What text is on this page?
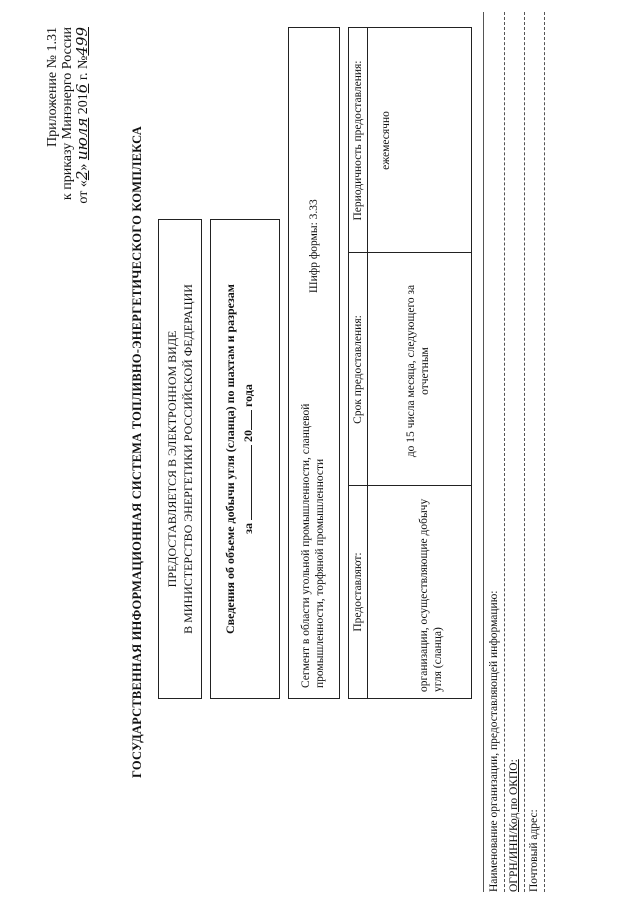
Приложение № 1.31 к приказу Минэнерго России от «2» июля 2016 г. №499
ГОСУДАРСТВЕННАЯ ИНФОРМАЦИОННАЯ СИСТЕМА ТОПЛИВНО-ЭНЕРГЕТИЧЕСКОГО КОМПЛЕКСА ПРЕДОСТАВЛЯЕТСЯ В ЭЛЕКТРОННОМ ВИДЕ В МИНИСТЕРСТВО ЭНЕРГЕТИКИ РОССИЙСКОЙ ФЕДЕРАЦИИ Сведения об объеме добычи угля (сланца) по шахтам и разрезам за  20 года
Сегмент в области угольной промышленности, сланцевой промышленности, торфяной промышленности
Шифр формы: 3.33
Предоставляют:
Срок предоставления:
Периодичность предоставления:
организации, осуществляющие добычу угля (сланца)
до 15 числа месяца, следующего за отчетным
ежемесячно
Наименование организации, предоставляющей информацию: ОГРН/ИНН/Код по ОКПО: Почтовый адрес:
